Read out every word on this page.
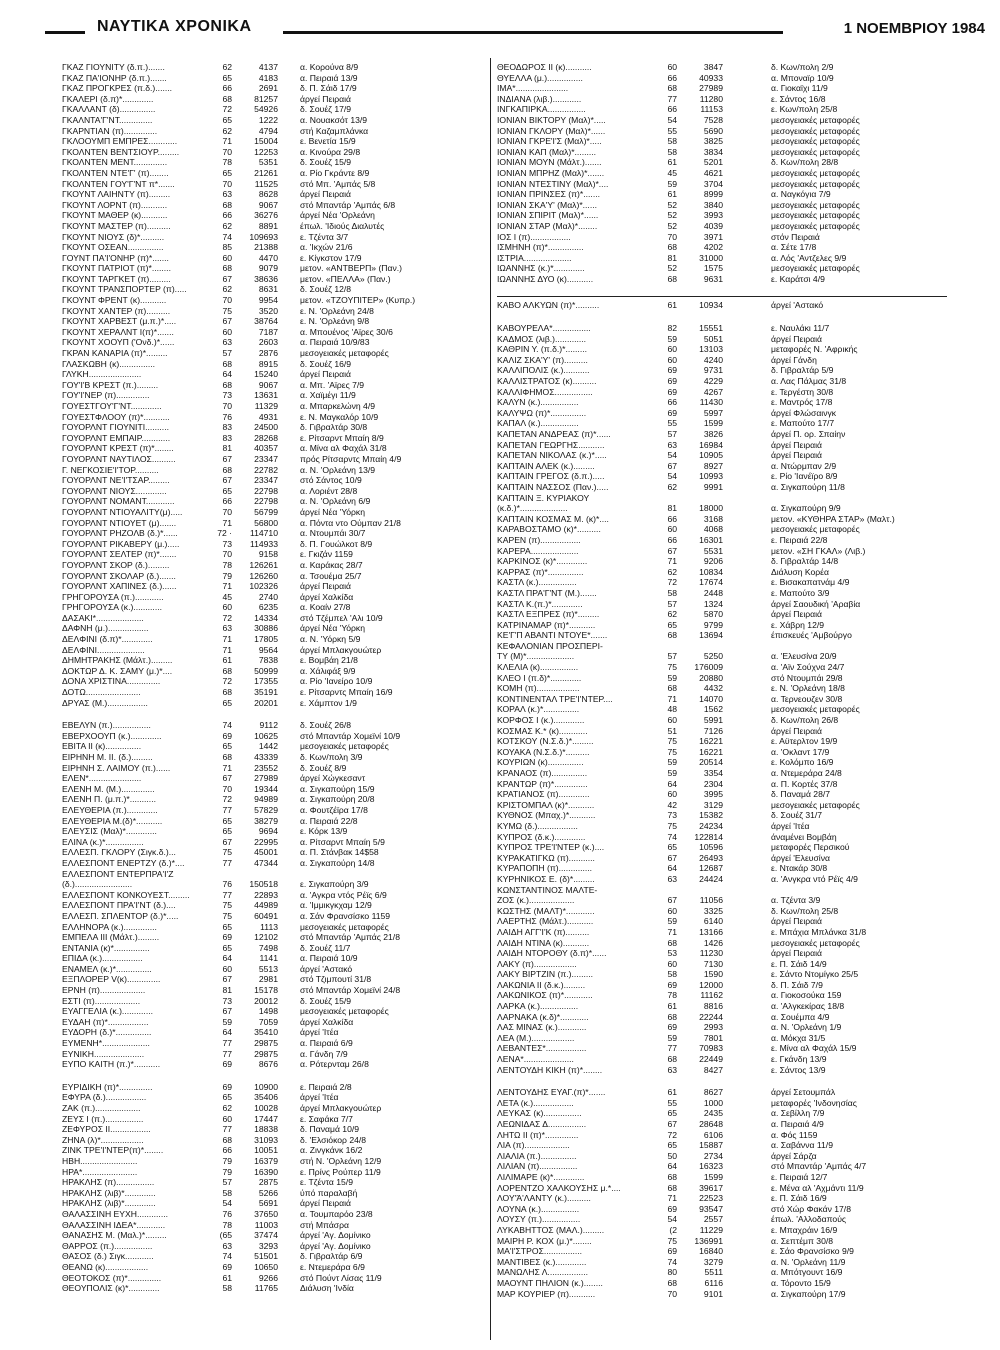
ΝΑΥΤΙΚΑ ΧΡΟΝΙΚΑ	1 ΝΟΕΜΒΡΙΟΥ 1984
ΓΚΑΖ ΓΙΟΥΝΙΤΥ (δ.π.).......	62	4137	α. Κορούνα 8/9
ΓΚΑΖ ΠΑ'ΙΟΝΗΡ (δ.π.).......	65	4183	α. Πειραιά 13/9
ΓΚΑΖ ΠΡΟΓΚΡΕΣ (π.δ.).......	66	2691	δ. Π. Σάιδ 17/9
ΓΚΑΛΕΡΙ (δ.π)*.............	68	81257	άργεί Πειραιά
ΓΚΑΛΛΑΝΤ (δ)...............	72	54926	δ. Σουέζ 17/9
ΓΚΑΛΝΤΑ'Γ'ΝΤ..............	65	1222	α. Νουακσότ 13/9
ΓΚΑΡΝΤΙΑΝ (π)..............	62	4794	στή Καζαμπλάνκα
ΓΚΛΟΟΥΜΠ ΕΜΠΡΕΣ............	71	15004	ε. Βενετία 15/9
ΓΚΟΛΝΤΕΝ ΒΕΝΤΣΙΟΥΡ.........	70	12253	α. Κινούρα 29/8
ΓΚΟΛΝΤΕΝ ΜΕΝΤ..............	78	5351	δ. Σουέζ 15/9
ΓΚΟΛΝΤΕΝ ΝΤΕ'Γ' (π)........	65	21261	α. Ρίο Γκράντε 8/9
ΓΚΟΛΝΤΕΝ ΓΟΥ'Γ'ΝΤ π*.......	70	11525	στό Μπ. 'Αμπάς 5/8
ΓΚΟΥΝΤ ΛΑΙΗΝΤΥ (π).........	63	8628	άργεί Πειραιά
ΓΚΟΥΝΤ ΛΟΡΝΤ (π)...........	68	9067	στό Μπαντάρ 'Αμπάς 6/8
ΓΚΟΥΝΤ ΜΑΘΕΡ (κ)...........	66	36276	άργεί Νέα 'Ορλεάνη
ΓΚΟΥΝΤ ΜΑΣΤΕΡ (π)..........	62	8891	έπωλ. 'Ιδιούς Διαλυτές
ΓΚΟΥΝΤ ΝΙΟΥΣ (δ)*..........	74	109693	ε. Τζέντα 3/7
ΓΚΟΥΝΤ ΟΣΕΑΝ...............	85	21388	α. 'Ικχών 21/6
ΓΟΥΝΤ ΠΑ'Ι'ΟΝΗΡ (π)*.......	60	4470	ε. Κίγκστον 17/9
ΓΚΟΥΝΤ ΠΑΤΡΙΟΤ (π)*........	68	9079	μετον. «ΑΝΤΒΕΡΠ» (Παν.)
ΓΚΟΥΝΤ ΤΑΡΓΚΕΤ (π).........	67	38636	μετον. «ΠΕΛΛΑ» (Παν.)
ΓΚΟΥΝΤ ΤΡΑΝΣΠΟΡΤΕΡ (π).....	62	8631	δ. Σουέζ 12/8
ΓΚΟΥΝΤ ΦΡΕΝΤ (κ)...........	70	9954	μετον. «ΤΖΟΥΠΙΤΕΡ» (Κυπρ.)
ΓΚΟΥΝΤ ΧΑΝΤΕΡ (π)..........	75	3520	ε. Ν. 'Ορλεάνη 24/8
ΓΚΟΥΝΤ ΧΑΡΒΕΣΤ (μ.π.)*.....	67	38764	ε. Ν. 'Ορλεάνη 9/8
ΓΚΟΥΝΤ ΧΕΡΑΛΝΤ Ι(π)*.......	60	7187	α. Μπουένος 'Αϊρες 30/6
ΓΚΟΥΝΤ ΧΟΟΥΠ ('Ονδ.)*......	63	2603	α. Πειραιά 10/9/83
ΓΚΡΑΝ ΚΑΝΑΡΙΑ (π)*.........	57	2876	μεσογειακές μεταφορές
ΓΛΑΣΚΩΒΗ (κ)...............	68	8915	δ. Σουέζ 16/9
ΓΛΥΚΗ......................	64	15240	άργεί Πειραιά
ΓΟΥ'Ι'Β ΚΡΕΣΤ (π.).........	68	9067	α. Μπ. 'Αϊρες 7/9
ΓΟΥ'Ι'ΝΕΡ (π)..............	73	13631	α. Χαϊμέγι 11/9
ΓΟΥΕΣΤΓΟΥ'Γ'ΝΤ.............	70	11329	α. Μπαρκελώνη 4/9
ΓΟΥΕΣΤΦΛΟΟΥ (π)*...........	76	4931	ε. Ν. Μαγκαλόρ 10/9
ΓΟΥΟΡΛΝΤ ΓΙΟΥΝΙΤΙ..........	83	24500	δ. Γιβραλτάρ 30/8
ΓΟΥΟΡΛΝΤ ΕΜΠΑΙΡ............	83	28268	ε. Ρίτσαρντ Μπαίη 8/9
ΓΟΥΟΡΛΝΤ ΚΡΕΣΤ (π)*........	81	40357	α. Μίνα αλ Φαχάλ 31/8
ΓΟΥΟΡΛΝΤ ΝΑΥΤΙΛΟΣ..........	67	23347	πρός Ρίτσαρντς Μπαίη 4/9
Γ. ΝΕΓΚΟΣΙΕ'Ι'ΤΟΡ..........	68	22782	α. Ν. 'Ορλεάνη 13/9
ΓΟΥΟΡΛΝΤ ΝΕ'Ι'ΤΣΑΡ.........	67	23347	στό Σάντος 10/9
ΓΟΥΟΡΛΝΤ ΝΙΟΥΣ.............	65	22798	α. Λοριέντ 28/8
ΓΟΥΟΡΛΝΤ ΝΟΜΑΝΤ............	66	22798	α. Ν. 'Ορλεάνη 6/9
ΓΟΥΟΡΛΝΤ ΝΤΙΟΥΑΛΙΤΥ(μ).....	70	56799	άργεί Νέα 'Υόρκη
ΓΟΥΟΡΛΝΤ ΝΤΙΟΥΕΤ (μ).......	71	56800	α. Πόντα ντο Ούμπαν 21/8
ΓΟΥΟΡΛΝΤ ΡΗΖΟΛΒ (δ.)*......	72 ·	114710	α. Ντουμπάι 30/7
ΓΟΥΟΡΛΝΤ ΡΙΚΑΒΕΡΥ (μ.).....	73	114933	δ. Π. Γουώλκοτ 8/9
ΓΟΥΟΡΛΝΤ ΣΕΛΤΕΡ (π)*.......	70	9158	ε. Γκιζάν 1159
ΓΟΥΟΡΛΝΤ ΣΚΟΡ (δ.).........	78	126261	α. Καράκας 28/7
ΓΟΥΟΡΛΝΤ ΣΚΟΛΑΡ (δ.).......	79	126260	α. Τσουέμα 25/7
ΓΟΥΟΡΛΝΤ ΧΑΠΙΝΕΣ (δ.)......	71	102326	άργεί Πειραιά
ΓΡΗΓΟΡΟΥΣΑ (π.)............	45	2740	άργεί Χαλκίδα
ΓΡΗΓΟΡΟΥΣΑ (κ.)............	60	6235	α. Κοαίν 27/8
ΔΑΣΑΚΙ*....................	72	14334	στό Τζέμπελ 'Αλι 10/9
ΔΑΦΝΗ (μ.).................	63	30886	άργεί Νέα 'Υόρκη
ΔΕΛΦΙΝΙ (δ.π)*.............	71	17805	α. Ν. 'Υόρκη 5/9
ΔΕΛΦΙΝΙ....................	71	9564	άργεί Μπλακγουώτερ
ΔΗΜΗΤΡΑΚΗΣ (Μάλτ.).........	61	7838	ε. Βομβάη 21/8
ΔΟΚΤΩΡ Δ. Κ. ΣΑΜΥ (μ.)*....	68	50999	α. Χάλιφάξ 9/9
ΔΟΝΑ ΧΡΙΣΤΙΝΑ..............	72	17355	α. Ρίο 'Ιανείρο 10/9
ΔΟΤΩ.......................	68	35191	ε. Ρίτσαρντς Μπαίη 16/9
ΔΡΥΑΣ (Μ.).................	65	20201	ε. Χάμπτον 1/9
ΕΒΕΛΥΝ (π.)................	74	9112	δ. Σουέζ 26/8
ΕΒΕΡΧΟΟΥΠ (κ.).............	69	10625	στό Μπαντάρ Χομεϊνί 10/9
ΕΒΙΤΑ ΙΙ (κ)...............	65	1442	μεσογειακές μεταφορές
ΕΙΡΗΝΗ Μ. ΙΙ. (δ.).........	68	43339	δ. Κων/πολη 3/9
ΕΙΡΗΝΗ Σ. ΛΑΙΜΟΥ (π.)......	71	23552	δ. Σουέζ 8/9
ΕΛΕΝ*......................	67	27989	άργεί Χώγκεσαντ
ΕΛΕΝΗ Μ. (Μ.)..............	70	19344	α. Σιγκαπούρη 15/9
ΕΛΕΝΗ Π. (μ.π.)*...........	72	94989	α. Σιγκαπούρη 20/8
ΕΛΕΥΘΕΡΙΑ (π.).............	77	57829	α. Φουτζέϊρα 17/8
ΕΛΕΥΘΕΡΙΑ Μ.(δ)*...........	65	38279	α. Πειραιά 22/8
ΕΛΕΥΣΙΣ (Μαλ)*.............	65	9694	ε. Κόρκ 13/9
ΕΛΙΝΑ (κ.)*................	67	22995	α. Ρίτσαρντ Μπαίη 5/9
ΕΛΛΕΣΠ. ΓΚΛΟΡΥ (Σιγκ.δ.)...	75	45001	α. Π. Στάνβακ 14$58
ΕΛΛΕΣΠΟΝΤ ΕΝΕΡΤΖΥ (δ.)*....	77	47344	α. Σιγκαπούρη 14/8
ΕΛΛΕΣΠΟΝΤ ΕΝΤΕΡΠΡΑ'Ι'Ζ
(δ.)........................	76	150518	ε. Σιγκαπούρη 3/9
ΕΛΛΕΣΠΟΝΤ ΚΟΝΚΟΥΕΣΤ.........	77	22893	α. 'Αγκρα ντός Ρέϊς 6/9
ΕΛΛΕΣΠΟΝΤ ΠΡΑ'Ι'ΝΤ (δ.)....	75	44989	α. 'Ιμμικγκχαμ 12/9
ΕΛΛΕΣΠ. ΣΠΛΕΝΤΟΡ (δ.)*.....	75	60491	α. Σάν Φρανσίσκο 1159
ΕΛΛΗΝΟΡΑ (κ.)..............	65	1113	μεσογειακές μεταφορές
ΕΜΠΕΛΑ ΙΙΙ (Μάλτ.).........	69	12102	στό Μπαντάρ 'Αμπάς 21/8
ΕΝΤΑΝΙΑ (κ)*...............	65	7498	δ. Σουέζ 11/7
ΕΠΙΔΑ (κ.).................	64	1141	α. Πειραιά 10/9
ΕΝΑΜΕΛ (κ.)*...............	60	5513	άργεί 'Αστακό
ΕΞΠΛΟΡΕΡ V(κ)..............	67	2981	στό Τζιμπουτί 31/8
ΕΡΝΗ (π)...................	81	15178	στό Μπαντάρ Χομεϊνί 24/8
ΕΣΤΙ (π)...................	73	20012	δ. Σουέζ 15/9
ΕΥΑΓΓΕΛΙΑ (κ.).............	67	1498	μεσογειακές μεταφορές
ΕΥΔΑΗ (π)*.................	59	7059	άργεί Χαλκίδα
ΕΥΔΟΡΗ (δ.)*...............	64	35410	άργεί 'Ιτέα
ΕΥΜΕΝΗ*....................	77	29875	α. Πειραιά 6/9
ΕΥΝΙΚΗ.....................	77	29875	α. Γάνδη 7/9
ΕΥΠΟ ΚΑΙΤΗ (π.)*...........	69	8676	α. Ρότερνταμ 26/8
ΕΥΡΙΔΙΚΗ (π)*..............	69	10900	ε. Πειραιά 2/8
ΕΦΥΡΑ (δ.).................	65	35406	άργεί 'Ιτέα
ΖΑΚ (π.)...................	62	10028	άργεί Μπλακγουώτερ
ΖΕΥΣ Ι (π.)................	60	17447	ε. Σαφάκα 7/7
ΖΕΦΥΡΟΣ ΙΙ.................	77	18838	δ. Παναμά 10/9
ΖΗΝΑ (λ)*..................	68	31093	δ. 'Ελσιόκορ 24/8
ΖΙΝΚ ΤΡΕ'Ι'ΝΤΕΡ(π)*........	66	10051	α. Ζινγκάνκ 16/2
ΗΒΗ........................	79	16379	στή Ν. 'Ορλεάνη 12/9
ΗΡΑ*.......................	79	16390	ε. Πρίνς Ρούπερ 11/9
ΗΡΑΚΛΗΣ (π)................	57	2875	ε. Τζέντα 15/9
ΗΡΑΚΛΗΣ (λιβ)*.............	58	5266	ύπό παραλαβή
ΗΡΑΚΛΗΣ (λιβ)*.............	54	5691	άργεί Πειραιά
ΘΑΛΑΣΣΙΝΗ ΕΥΧΗ.............	76	37650	α. Τουμπαρόο 23/8
ΘΑΛΑΣΣΙΝΗ ΙΔΕΑ*............	78	11003	στή Μπάσρα
ΘΑΝΑΣΗΣ Μ. (Μαλ.)*.........	(65	37474	άργεί 'Αγ. Δομίνικο
ΘΑΡΡΟΣ (π.)................	63	3293	άργεί 'Αγ. Δομίνικο
ΘΑΣΟΣ (δ.) Σιγκ............	74	51501	δ. Γιβραλτάρ 6/9
ΘΕΑΝΩ (κ)..................	69	10650	ε. Ντεμεράρα 6/9
ΘΕΟΤΟΚΟΣ (π)*..............	61	9266	στό Πούντ Λίσας 11/9
ΘΕΟΥΠΟΛΙΣ (κ)*.............	58	11765	Διάλυση 'Ινδία
ΘΕΟΔΩΡΟΣ ΙΙ (κ)...........	60	3847	δ. Κων/πολη 2/9
ΘΥΕΛΛΑ (μ.)...............	66	40933	α. Μποναϊρ 10/9
ΙΜΑ*......................	68	27989	α. Γιοκαϊχι 11/9
ΙΝΔΙΑΝΑ (λιβ.)............	77	11280	ε. Σάντος 16/8
ΙΝΓΚΑΠΙΡΚΑ................	66	11153	ε. Κων/πολη 25/8
ΙΟΝΙΑΝ ΒΙΚΤΟΡΥ (Μαλ)*.....	54	7528	μεσογειακές μεταφορές
ΙΟΝΙΑΝ ΓΚΛΟΡΥ (Μαλ)*......	55	5690	μεσογειακές μεταφορές
ΙΟΝΙΑΝ ΓΚΡΕ'Ι'Σ (Μαλ)*.....	58	3825	μεσογειακές μεταφορές
ΙΟΝΙΑΝ ΚΑΠ (Μαλ)*.........	58	3834	μεσογειακές μεταφορές
ΙΟΝΙΑΝ ΜΟΥΝ (Μάλτ.).......	61	5201	δ. Κων/πολη 28/8
ΙΟΝΙΑΝ ΜΠΡΗΖ (Μαλ)*.......	45	4621	μεσογειακές μεταφορές
ΙΟΝΙΑΝ ΝΤΕΣΤΙΝΥ (Μαλ)*....	59	3704	μεσογειακές μεταφορές
ΙΟΝΙΑΝ ΠΡΙΝΣΕΣ (π)*.......	61	8999	α. Ναγκόγια 7/9
ΙΟΝΙΑΝ ΣΚΑ'Υ' (Μαλ)*......	52	3840	μεσογειακές μεταφορές
ΙΟΝΙΑΝ ΣΠΙΡΙΤ (Μαλ)*......	52	3993	μεσογειακές μεταφορές
ΙΟΝΙΑΝ ΣΤΑΡ (Μαλ)*........	52	4039	μεσογειακές μεταφορές
ΙΟΣ Ι (π).................	70	3971	στόν Πειραιά
ΙΣΜΗΝΗ (π)*...............	68	4202	α. Σέτε 17/8
ΙΣΤΡΙΑ....................	81	31000	α. Λός 'Αντζελες 9/9
ΙΩΑΝΝΗΣ (κ.)*.............	52	1575	μεσογειακές μεταφορές
ΙΩΑΝΝΗΣ ΔΥΟ (κ)...........	68	9631	ε. Καράτσι 4/9
ΚΑΒΟ ΑΛΚΥΩΝ (π)*..........	61	10934	άργεί 'Αστακό
ΚΑΒΟΥΡΕΛΑ*................	82	15551	ε. Ναυλάκι 11/7
ΚΑΔΜΟΣ (λιβ.).............	59	5051	άργεί Πειραιά
ΚΑΘΡΙΝ Υ. (π.δ.)*.........	60	13103	μεταφορές Ν. 'Αφρικής
ΚΑΛΙΖ ΣΚΑ'Υ' (π)..........	60	4240	άργεί Γάνδη
ΚΑΛΛΙΠΟΛΙΣ (κ.)...........	69	9731	δ. Γιβραλτάρ 5/9
ΚΑΛΛΙΣΤΡΑΤΟΣ (κ)..........	69	4229	α. Λας Πάλμας 31/8
ΚΑΛΛΙΦΗΜΟΣ................	69	4267	ε. Τεργέστη 30/8
ΚΑΛΥΝ (κ.)................	66	11430	ε. Μαντρός 17/8
ΚΑΛΥΨΩ (π)*...............	69	5997	άργεί Φλώσαινγκ
ΚΑΠΑΛ (κ.)................	55	1599	ε. Μαπούτο 17/7
ΚΑΠΕΤΑΝ ΑΝΔΡΕΑΣ (π)*......	57	3826	άργεί Π. ορ. Σπαίην
ΚΑΠΕΤΑΝ ΓΕΩΡΓΗΣ...........	63	16984	άργεί Πειραιά
ΚΑΠΕΤΑΝ ΝΙΚΟΛΑΣ (κ.)*.....	54	10905	άργεί Πειραιά
ΚΑΠΤΑΙΝ ΑΛΕΚ (κ.).........	67	8927	α. Ντώρμπαν 2/9
ΚΑΠΤΑΙΝ ΓΡΕΓΟΣ (δ.π.).....	54	10993	ε. Ρίο 'Ιανέϊρο 8/9
ΚΑΠΤΑΙΝ ΝΑΣΣΟΣ (Παν.).....	62	9991	α. Σιγκαπούρη 11/8
ΚΑΠΤΑΙΝ Ξ. ΚΥΡΙΑΚΟΥ
(κ.δ.)*....................	81	18000	α. Σιγκαπούρη 9/9
ΚΑΠΤΑΙΝ ΚΟΣΜΑΣ Μ. (κ)*....	66	3168	μετον. «ΚΥΘΗΡΑ ΣΤΑΡ» (Μαλτ.)
ΚΑΡΑΒΟΣΤΑΜΟ (κ)*..........	60	4068	μεσογειακές μεταφορές
ΚΑΡΕΝ (π).................	66	16301	ε. Πειραιά 22/8
ΚΑΡΕΡΑ....................	67	5531	μετον. «ΣΗ ΓΚΑΛ» (Λιβ.)
ΚΑΡΚΙΝΟΣ (κ)*.............	71	9206	δ. Γιβραλτάρ 14/8
ΚΑΡΡΑΣ (π)*...............	62	10834	Διάλυση Κορέα
ΚΑΣΤΛ (κ.)................	72	17674	ε. Βισακαπατνάμ 4/9
ΚΑΣΤΛ ΠΡΑ'Γ'ΝΤ (Μ.).......	58	2448	ε. Μαπούτο 3/9
ΚΑΣΤΛ Κ.(π.)*.............	57	1324	άργεί Σαουδική 'Αραβία
ΚΑΣΤΛ ΕΞΠΡΕΣ (π)*.........	62	5870	άργεί Πειραιά
ΚΑΤΡΙΝΑΜΑΡ (π)*...........	65	9799	ε. Χάβρη 12/9
ΚΕ'Γ'Π ΑΒΑΝΤΙ ΝΤΟΥΕ*.......	68	13694	έπισκευές 'Αμβούργο
ΚΕΦΑΛΟΝΙΑΝ ΠΡΟΣΠΕΡΙ-
ΤΥ (Μ)*....................	57	5250	α. 'Ελευσίνα 20/9
ΚΛΕΛΙΑ (κ)................	75	176009	α. 'Αϊν Σούχνα 24/7
ΚΛΕΟ Ι (π.δ)*.............	59	20880	στό Ντουμπάι 29/8
ΚΟΜΗ (π)..................	68	4432	ε. Ν. 'Ορλεάνη 18/8
ΚΟΝΤΙΝΕΝΤΑΛ ΤΡΕ'Ι'ΝΤΕΡ....	71	14070	α. Τερνεουζεν 30/8
ΚΟΡΑΛ (κ.)*...............	48	1562	μεσογειακές μεταφορές
ΚΟΡΦΟΣ Ι (κ.).............	60	5991	δ. Κων/πολη 26/8
ΚΟΣΜΑΣ Κ.* (κ)............	51	7126	άργεί Πειραιά
ΚΟΤΣΚΟΥ (Ν.Σ.δ.)*.........	75	16221	ε. Αϋτερλτον 19/9
ΚΟΥΑΚΑ (Ν.Σ.δ.)*..........	75	16221	α. 'Οκλαντ 17/9
ΚΟΥΡΙΩΝ (κ)...............	59	20514	ε. Κολόμπο 16/9
ΚΡΑΝΑΟΣ (π)...............	59	3354	α. Ντεμεράρα 24/8
ΚΡΑΝΤΩΡ (π)*..............	64	2304	α. Π. Κορτές 37/8
ΚΡΑΤΙΑΝΟΣ (π).............	60	3995	δ. Παναμά 28/7
ΚΡΙΣΤΟΜΠΑΛ (κ)*...........	42	3129	μεσογειακές μεταφορές
ΚΥΘΝΟΣ (Μπαχ.)*...........	73	15382	δ. Σουέζ 31/7
ΚΥΜΩ (δ.).................	75	24234	άργεί 'Ιτέα
ΚΥΠΡΟΣ (δ.κ.).............	74	122814	άναμένει Βομβάη
ΚΥΠΡΟΣ ΤΡΕ'Ι'ΝΤΕΡ (κ.)....	65	10596	μεταφορές Περσικού
ΚΥΡΑΚΑΤΙΓΚΩ (π)...........	67	26493	άργεί 'Ελευσίνα
ΚΥΡΑΠΟΠΗ (π)..............	64	12687	ε. Ντακάρ 30/8
ΚΥΡΗΝΙΚΟΣ Ε. (δ)*.........	63	24424	α. 'Ανγκρα ντό Ρέϊς 4/9
ΚΩΝΣΤΑΝΤΙΝΟΣ ΜΑΛΤΕ-
ΖΟΣ (κ.)...................	67	11056	α. Τζέντα 3/9
ΚΩΣΤΗΣ (ΜΑΛΤ)*............	60	3325	δ. Κων/πολη 25/8
ΛΑΕΡΤΗΣ (Μάλτ.)...........	59	6140	άργεί Πειραιά
ΛΑΙΔΗ ΑΓΓ'Ι'Κ (π)..........	71	13166	ε. Μπάχια Μπλάνκα 31/8
ΛΑΙΔΗ ΝΤΙΝΑ (κ)...........	68	1426	μεσογειακές μεταφορές
ΛΑΙΔΗ ΝΤΟΡΟΘΥ (δ.π)*......	53	11230	άργεί Πειραιά
ΛΑΚΥ (π)..................	60	7130	ε. Π. Σάιδ 14/9
ΛΑΚΥ ΒΙΡΤΖΙΝ (π.).........	58	1590	ε. Σάντο Ντομίγκο 25/5
ΛΑΚΩΝΙΑ ΙΙ (δ.κ.).........	69	12000	δ. Π. Σάιδ 7/9
ΛΑΚΩΝΙΚΟΣ (π)*............	78	11162	α. Γιοκοσούκα 159
ΛΑΡΚΑ (κ.)................	61	8816	α. 'Αλγκεκίρας 18/8
ΛΑΡΝΑΚΑ (κ.δ)*............	68	22244	α. Σουέμπα 4/9
ΛΑΣ ΜΙΝΑΣ (κ.)............	69	2993	α. Ν. 'Ορλεάνη 1/9
ΛΕΑ (Μ.)..................	59	7801	α. Μόκχα 31/5
ΛΕΒΑΝΤΕΣ*.................	77	70983	ε. Μίνα αλ Φαχάλ 15/9
ΛΕΝΑ*.....................	68	22449	ε. Γκάνδη 13/9
ΛΕΝΤΟΥΔΗ ΚΙΚΗ (π)*........	63	8427	ε. Σάντος 13/9
ΛΕΝΤΟΥΔΗΣ ΕΥΑΓ.(π)*.......	61	8627	άργεί Σετουμπάλ
ΛΕΤΑ (κ.).................	55	1000	μεταφορές 'Ινδονησίας
ΛΕΥΚΑΣ (κ)................	65	2435	α. Σεβίλλη 7/9
ΛΕΩΝΙΔΑΣ Δ................	67	28648	α. Πειραιά 4/9
ΛΗΤΩ ΙΙ (π)*..............	72	6106	α. Φός 1159
ΛΙΑ (π)...................	65	15887	α. Σαβάννα 11/9
ΛΙΑΛΙΑ (π.)...............	50	2734	άργεί Σάρζα
ΛΙΛΙΑΝ (π)................	64	16323	στό Μπαντάρ 'Αμπάς 4/7
ΛΙΛΙΜΑΡΕ (κ)*.............	68	1599	ε. Πειραιά 12/7
ΛΟΡΕΝΤΖΟ ΧΑΛΚΟΥΣΗΣ μ.*....	68	39617	ε. Μένα αλ 'Αχμάντι 11/9
ΛΟΥ'Ά'ΛΑΝΤΥ (κ.)..........	71	22523	ε. Π. Σάιδ 16/9
ΛΟΥΝΑ (κ.)................	69	93547	στό Χώρ Φακάν 17/8
ΛΟΥΣΥ (π.)................	54	2557	έπωλ. 'Αλλοδαπούς
ΛΥΚΑΒΗΤΤΟΣ (ΜΑΛ.).........	(2	11229	ε. Μπαχράιν 16/9
ΜΑΙΡΗ Ρ. ΚΟΧ (μ.)*........	75	136991	α. Σεπτέμπ 30/8
ΜΑ'Ι'ΣΤΡΟΣ................	69	16840	ε. Σάο Φρανσίσκο 9/9
ΜΑΝΤΙΒΕΣ (κ.).............	74	3279	α. Ν. 'Ορλεάνη 11/9
ΜΑΝΩΛΗΣ Λ.................	80	5511	α. Μπότγουντ 16/9
ΜΑΟΥΝΤ ΠΗΛΙΟΝ (κ.)........	68	6116	α. Τόροντο 15/9
ΜΑΡ ΚΟΥΡΙΕΡ (π)...........	70	9101	α. Σιγκαπούρη 17/9
